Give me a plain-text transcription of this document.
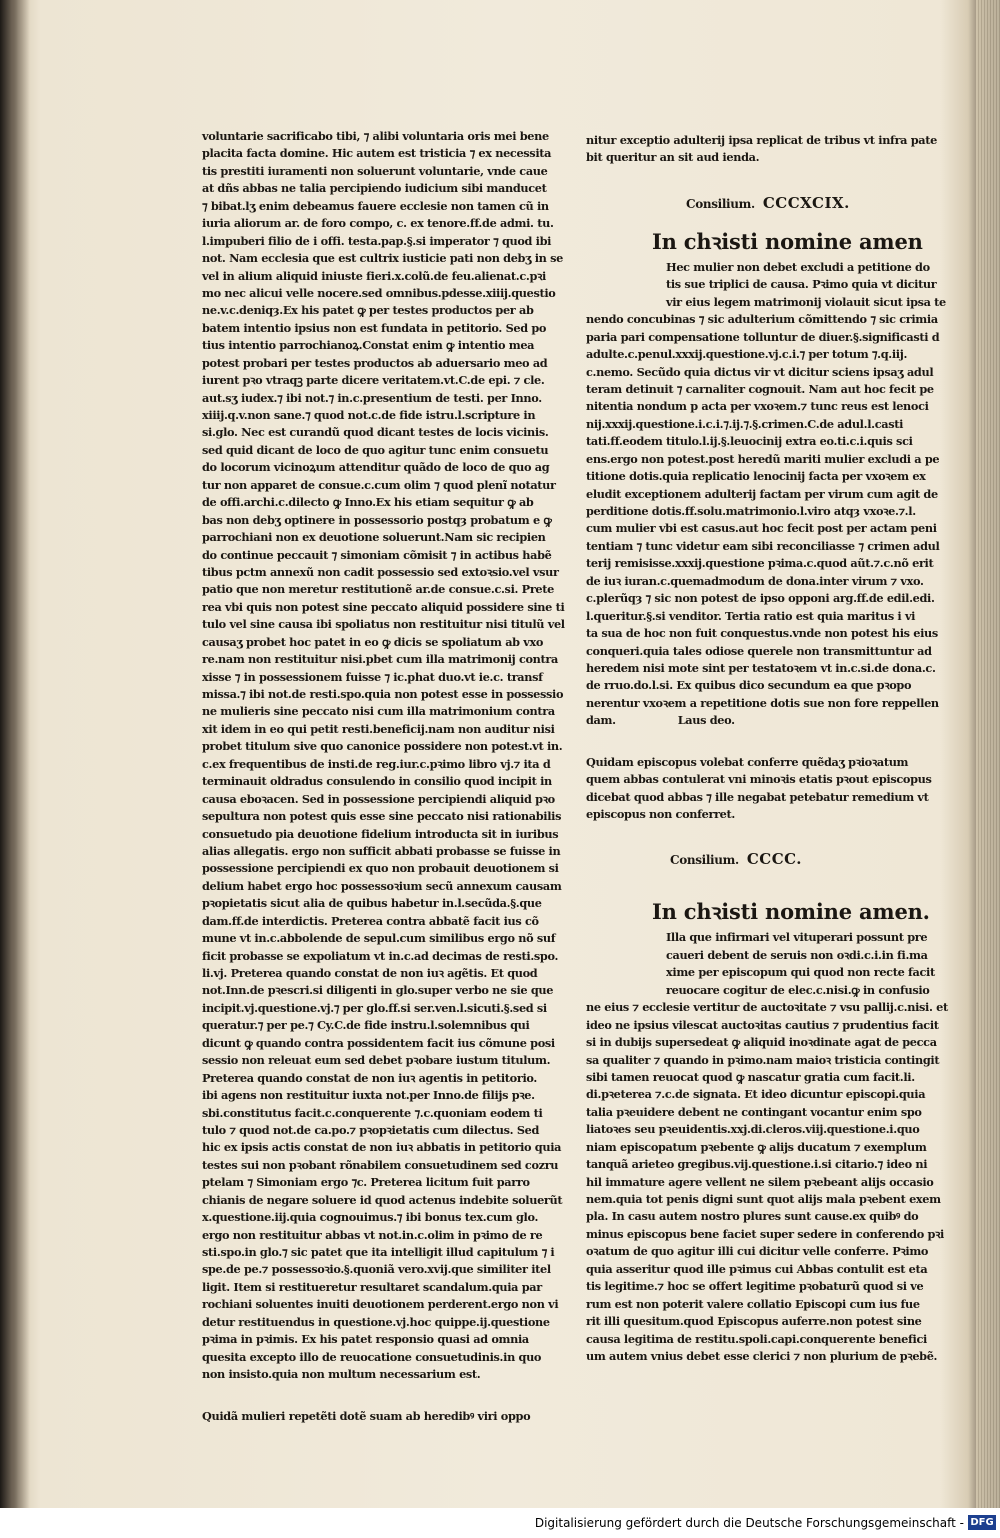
voluntarie sacrificabo tibi, ⁊ alibi voluntaria oris mei bene
placita facta domine. Hic autem est tristicia ⁊ ex necessita
tis prestiti iuramenti non soluerunt voluntarie, vnde caue
at dñs abbas ne talia percipiendo iudicium sibi manducet
⁊ bibat.lʒ enim debeamus fauere ecclesie non tamen cũ in
iuria aliorum ar. de foro compo, c. ex tenore.ff.de admi. tu.
l.impuberi filio de i offi. testa.pap.§.si imperator ⁊ quod ibi
not. Nam ecclesia que est cultrix iusticie pati non debʒ in se
vel in alium aliquid iniuste fieri.x.colũ.de feu.alienat.c.pꝛi
mo nec alicui velle nocere.sed omnibus.pdesse.xiiij.questio
ne.v.c.deniqȝ.Ex his patet ꝙ per testes productos per ab
batem intentio ipsius non est fundata in petitorio. Sed po
tius intentio parrochianoꝝ.Constat enim ꝙ intentio mea
potest probari per testes productos ab aduersario meo ad
iurent pꝛo vtraqꝫ parte dicere veritatem.vt.C.de epi. ⁊ cle.
aut.sʒ iudex.⁊ ibi not.⁊ in.c.presentium de testi. per Inno.
xiiij.q.v.non sane.⁊ quod not.c.de fide istru.l.scripture in
si.glo. Nec est curandũ quod dicant testes de locis vicinis.
sed quid dicant de loco de quo agitur tunc enim consuetu
do locorum vicinoꝝum attenditur quãdo de loco de quo ag
tur non apparet de consue.c.cum olim ⁊ quod plenĩ notatur
de offi.archi.c.dilecto ꝙ Inno.Ex his etiam sequitur ꝙ ab
bas non debʒ optinere in possessorio postqȝ probatum e ꝙ
parrochiani non ex deuotione soluerunt.Nam sic recipien
do continue peccauit ⁊ simoniam cõmisit ⁊ in actibus habẽ
tibus pctm annexũ non cadit possessio sed extoꝛsio.vel vsur
patio que non meretur restitutionẽ ar.de consue.c.si. Prete
rea vbi quis non potest sine peccato aliquid possidere sine ti
tulo vel sine causa ibi spoliatus non restituitur nisi titulũ vel
causaʒ probet hoc patet in eo ꝙ dicis se spoliatum ab vxo
re.nam non restituitur nisi.pbet cum illa matrimonij contra
xisse ⁊ in possessionem fuisse ⁊ ic.phat duo.vt ie.c. transf
missa.⁊ ibi not.de resti.spo.quia non potest esse in possessio
ne mulieris sine peccato nisi cum illa matrimonium contra
xit idem in eo qui petit resti.beneficij.nam non auditur nisi
probet titulum sive quo canonice possidere non potest.vt in.
c.ex frequentibus de insti.de reg.iur.c.pꝛimo libro vj.⁊ ita d
terminauit oldradus consulendo in consilio quod incipit in
causa eboꝛacen. Sed in possessione percipiendi aliquid pꝛo
sepultura non potest quis esse sine peccato nisi rationabilis
consuetudo pia deuotione fidelium introducta sit in iuribus
alias allegatis. ergo non sufficit abbati probasse se fuisse in
possessione percipiendi ex quo non probauit deuotionem si
delium habet ergo hoc possessoꝛium secũ annexum causam
pꝛopietatis sicut alia de quibus habetur in.l.secũda.§.que
dam.ff.de interdictis. Preterea contra abbatẽ facit ius cõ
mune vt in.c.abbolende de sepul.cum similibus ergo nõ suf
ficit probasse se expoliatum vt in.c.ad decimas de resti.spo.
li.vj. Preterea quando constat de non iuꝛ agẽtis. Et quod
not.Inn.de pꝛescri.si diligenti in glo.super verbo ne sie que
incipit.vj.questione.vj.⁊ per glo.ff.si ser.ven.l.sicuti.§.sed si
queratur.⁊ per pe.⁊ Cy.C.de fide instru.l.solemnibus qui
dicunt ꝙ quando contra possidentem facit ius cõmune posi
sessio non releuat eum sed debet pꝛobare iustum titulum.
Preterea quando constat de non iuꝛ agentis in petitorio.
ibi agens non restituitur iuxta not.per Inno.de filijs pꝛe.
sbi.constitutus facit.c.conquerente ⁊.c.quoniam eodem ti
tulo ⁊ quod not.de ca.po.⁊ pꝛopꝛietatis cum dilectus. Sed
hic ex ipsis actis constat de non iuꝛ abbatis in petitorio quia
testes sui non pꝛobant rõnabilem consuetudinem sed cozru
ptelam ⁊ Simoniam ergo ⁊c. Preterea licitum fuit parro
chianis de negare soluere id quod actenus indebite soluerũt
x.questione.iij.quia cognouimus.⁊ ibi bonus tex.cum glo.
ergo non restituitur abbas vt not.in.c.olim in pꝛimo de re
sti.spo.in glo.⁊ sic patet que ita intelligit illud capitulum ⁊ i
spe.de pe.⁊ possessoꝛio.§.quoniã vero.xvij.que similiter itel
ligit. Item si restitueretur resultaret scandalum.quia par
rochiani soluentes inuiti deuotionem perderent.ergo non vi
detur restituendus in questione.vj.hoc quippe.ij.questione
pꝛima in pꝛimis. Ex his patet responsio quasi ad omnia
quesita excepto illo de reuocatione consuetudinis.in quo
non insisto.quia non multum necessarium est.
Quidã mulieri repetẽti dotẽ suam ab heredibꝰ viri oppo
nitur exceptio adulterij ipsa replicat de tribus vt infra pate
bit queritur an sit aud ienda.
Consilium. CCCXCIX.
In chꝛisti nomine amen
Hec mulier non debet excludi a petitione do
tis sue triplici de causa. Pꝛimo quia vt dicitur
vir eius legem matrimonij violauit sicut ipsa te
nendo concubinas ⁊ sic adulterium cõmittendo ⁊ sic crimia
paria pari compensatione tolluntur de diuer.§.significasti d
adulte.c.penul.xxxij.questione.vj.c.i.⁊ per totum ⁊.q.iij.
c.nemo. Secũdo quia dictus vir vt dicitur sciens ipsaʒ adul
teram detinuit ⁊ carnaliter cognouit. Nam aut hoc fecit pe
nitentia nondum p acta per vxoꝛem.⁊ tunc reus est lenoci
nij.xxxij.questione.i.c.i.⁊.ij.⁊.§.crimen.C.de adul.l.casti
tati.ff.eodem titulo.l.ij.§.leuocinij extra eo.ti.c.i.quis sci
ens.ergo non potest.post heredũ mariti mulier excludi a pe
titione dotis.quia replicatio lenocinij facta per vxoꝛem ex
eludit exceptionem adulterij factam per virum cum agit de
perditione dotis.ff.solu.matrimonio.l.viro atqȝ vxoꝛe.⁊.l.
cum mulier vbi est casus.aut hoc fecit post per actam peni
tentiam ⁊ tunc videtur eam sibi reconciliasse ⁊ crimen adul
terij remisisse.xxxij.questione pꝛima.c.quod aũt.⁊.c.nõ erit
de iuꝛ iuran.c.quemadmodum de dona.inter virum ⁊ vxo.
c.plerũqȝ ⁊ sic non potest de ipso opponi arg.ff.de edil.edi.
l.queritur.§.si venditor. Tertia ratio est quia maritus i vi
ta sua de hoc non fuit conquestus.vnde non potest his eius
conqueri.quia tales odiose querele non transmittuntur ad
heredem nisi mote sint per testatoꝛem vt in.c.si.de dona.c.
de rruo.do.l.si. Ex quibus dico secundum ea que pꝛopo
nerentur vxoꝛem a repetitione dotis sue non fore reppellen
dam.	Laus deo.
Quidam episcopus volebat conferre quẽdaʒ pꝛioꝛatum
quem abbas contulerat vni minoꝛis etatis pꝛout episcopus
dicebat quod abbas ⁊ ille negabat petebatur remedium vt
episcopus non conferret.
Consilium. CCCC.
In chꝛisti nomine amen.
Illa que infirmari vel vituperari possunt pre
caueri debent de seruis non oꝛdi.c.i.in fi.ma
xime per episcopum qui quod non recte facit
reuocare cogitur de elec.c.nisi.ꝙ in confusio
ne eius ⁊ ecclesie vertitur de auctoꝛitate ⁊ vsu pallij.c.nisi. et
ideo ne ipsius vilescat auctoꝛitas cautius ⁊ prudentius facit
si in dubijs supersedeat ꝙ aliquid inoꝛdinate agat de pecca
sa qualiter ⁊ quando in pꝛimo.nam maioꝛ tristicia contingit
sibi tamen reuocat quod ꝙ nascatur gratia cum facit.li.
di.pꝛeterea ⁊.c.de signata. Et ideo dicuntur episcopi.quia
talia pꝛeuidere debent ne contingant vocantur enim spo
liatoꝛes seu pꝛeuidentis.xxj.di.cleros.viij.questione.i.quo
niam episcopatum pꝛebente ꝙ alijs ducatum ⁊ exemplum
tanquã arieteo gregibus.vij.questione.i.si citario.⁊ ideo ni
hil immature agere vellent ne silem pꝛebeant alijs occasio
nem.quia tot penis digni sunt quot alijs mala pꝛebent exem
pla. In casu autem nostro plures sunt cause.ex quibꝰ do
minus episcopus bene faciet super sedere in conferendo pꝛi
oꝛatum de quo agitur illi cui dicitur velle conferre. Pꝛimo
quia asseritur quod ille pꝛimus cui Abbas contulit est eta
tis legitime.⁊ hoc se offert legitime pꝛobaturũ quod si ve
rum est non poterit valere collatio Episcopi cum ius fue
rit illi quesitum.quod Episcopus auferre.non potest sine
causa legitima de restitu.spoli.capi.conquerente benefici
um autem vnius debet esse clerici ⁊ non plurium de pꝛebẽ.
Digitalisierung gefördert durch die Deutsche Forschungsgemeinschaft - DFG
